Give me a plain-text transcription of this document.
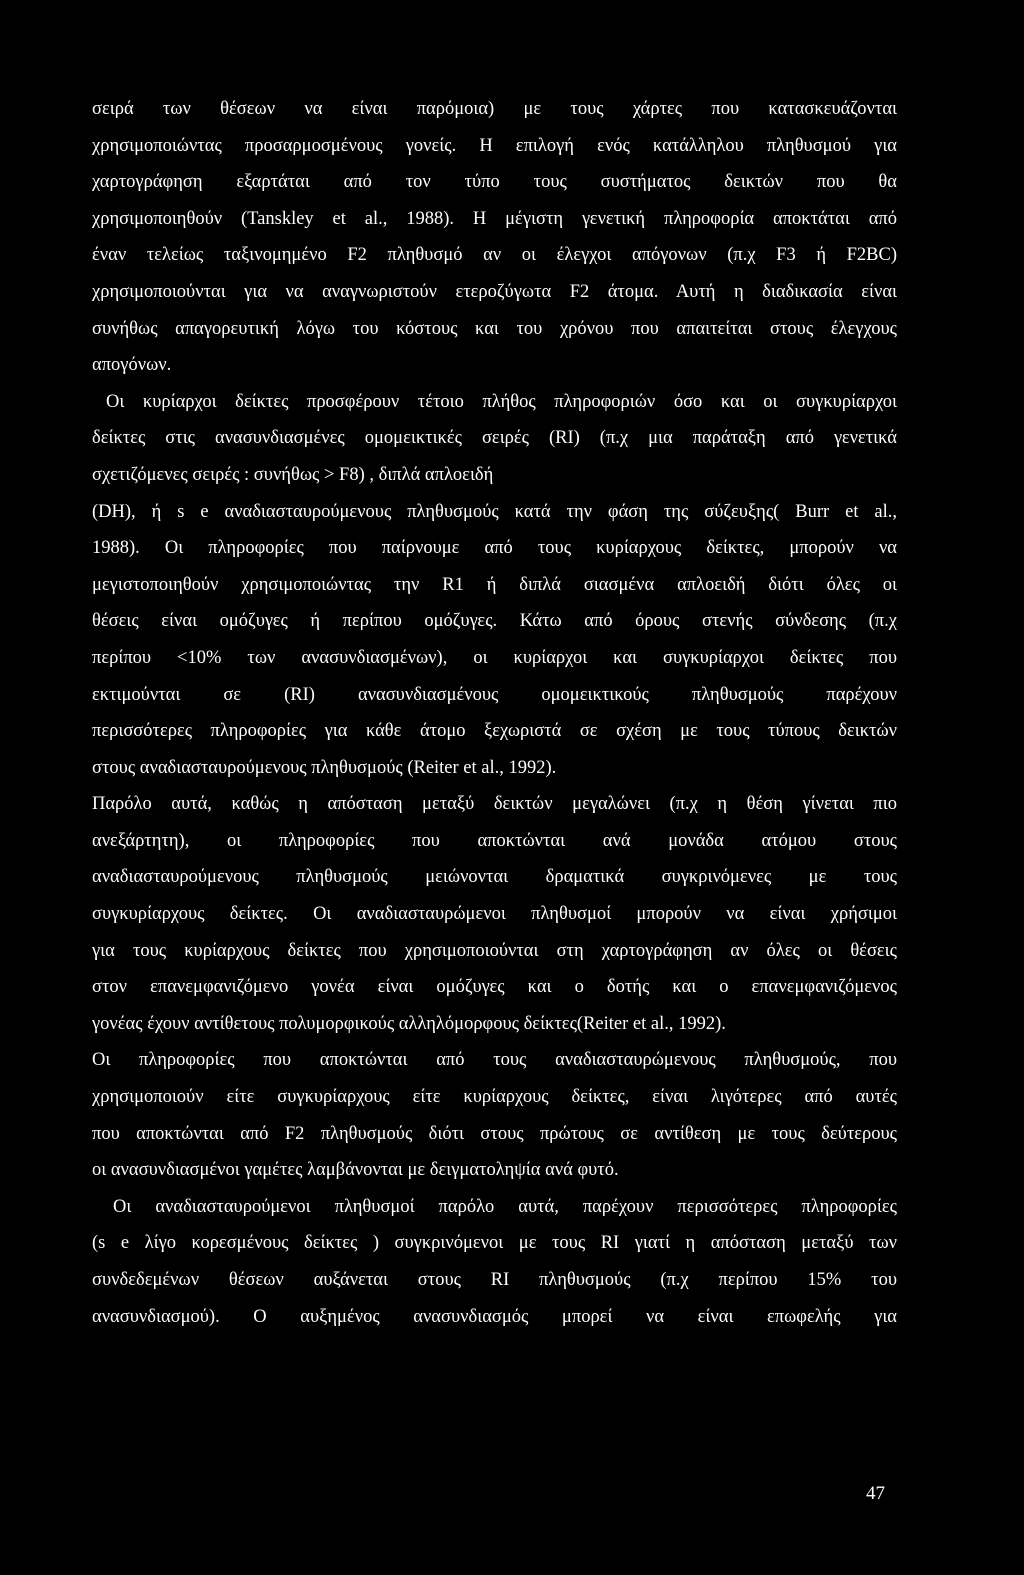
σειρά των θέσεων να είναι παρόμοια) με τους χάρτες που κατασκευάζονται
χρησιμοποιώντας προσαρμοσμένους γονείς. Η επιλογή ενός κατάλληλου πληθυσμού για
χαρτογράφηση εξαρτάται από τον τύπο τους συστήματος δεικτών που θα
χρησιμοποιηθούν (Tanskley et al., 1988). Η μέγιστη γενετική πληροφορία αποκτάται από
έναν τελείως ταξινομημένο F2 πληθυσμό αν οι έλεγχοι απόγονων (π.χ F3 ή F2BC)
χρησιμοποιούνται για να αναγνωριστούν ετεροζύγωτα F2 άτομα. Αυτή η διαδικασία είναι
συνήθως απαγορευτική λόγω του κόστους και του χρόνου που απαιτείται στους έλεγχους
απογόνων.
Οι κυρίαρχοι δείκτες προσφέρουν τέτοιο πλήθος πληροφοριών όσο και οι συγκυρίαρχοι
δείκτες στις ανασυνδιασμένες ομομεικτικές σειρές (RI) (π.χ μια παράταξη από γενετικά
σχετιζόμενες σειρές : συνήθως > F8) , διπλά απλοειδή
(DH), ή s e αναδιασταυρούμενους πληθυσμούς κατά την φάση της σύζευξης( Burr et al.,
1988). Οι πληροφορίες που παίρνουμε από τους κυρίαρχους δείκτες, μπορούν να
μεγιστοποιηθούν χρησιμοποιώντας την R1 ή διπλά σιασμένα απλοειδή διότι όλες οι
θέσεις είναι ομόζυγες ή περίπου ομόζυγες. Κάτω από όρους στενής σύνδεσης (π.χ
περίπου <10% των ανασυνδιασμένων), οι κυρίαρχοι και συγκυρίαρχοι δείκτες που
εκτιμούνται σε (RI) ανασυνδιασμένους ομομεικτικούς πληθυσμούς παρέχουν
περισσότερες πληροφορίες για κάθε άτομο ξεχωριστά σε σχέση με τους τύπους δεικτών
στους αναδιασταυρούμενους πληθυσμούς (Reiter et al., 1992).
Παρόλο αυτά, καθώς η απόσταση μεταξύ δεικτών μεγαλώνει (π.χ η θέση γίνεται πιο
ανεξάρτητη), οι πληροφορίες που αποκτώνται ανά μονάδα ατόμου στους
αναδιασταυρούμενους πληθυσμούς μειώνονται δραματικά συγκρινόμενες με τους
συγκυρίαρχους δείκτες. Οι αναδιασταυρώμενοι πληθυσμοί μπορούν να είναι χρήσιμοι
για τους κυρίαρχους δείκτες που χρησιμοποιούνται στη χαρτογράφηση αν όλες οι θέσεις
στον επανεμφανιζόμενο γονέα είναι ομόζυγες και ο δοτής και ο επανεμφανιζόμενος
γονέας έχουν αντίθετους πολυμορφικούς αλληλόμορφους δείκτες(Reiter et al., 1992).
Οι πληροφορίες που αποκτώνται από τους αναδιασταυρώμενους πληθυσμούς, που
χρησιμοποιούν είτε συγκυρίαρχους είτε κυρίαρχους δείκτες, είναι λιγότερες από αυτές
που αποκτώνται από F2 πληθυσμούς διότι στους πρώτους σε αντίθεση με τους δεύτερους
οι ανασυνδιασμένοι γαμέτες λαμβάνονται με δειγματοληψία ανά φυτό.
Οι αναδιασταυρούμενοι πληθυσμοί παρόλο αυτά, παρέχουν περισσότερες πληροφορίες
(s e λίγο κορεσμένους δείκτες ) συγκρινόμενοι με τους RI γιατί η απόσταση μεταξύ των
συνδεδεμένων θέσεων αυξάνεται στους RI πληθυσμούς (π.χ περίπου 15% του
ανασυνδιασμού). Ο αυξημένος ανασυνδιασμός μπορεί να είναι επωφελής για
47
